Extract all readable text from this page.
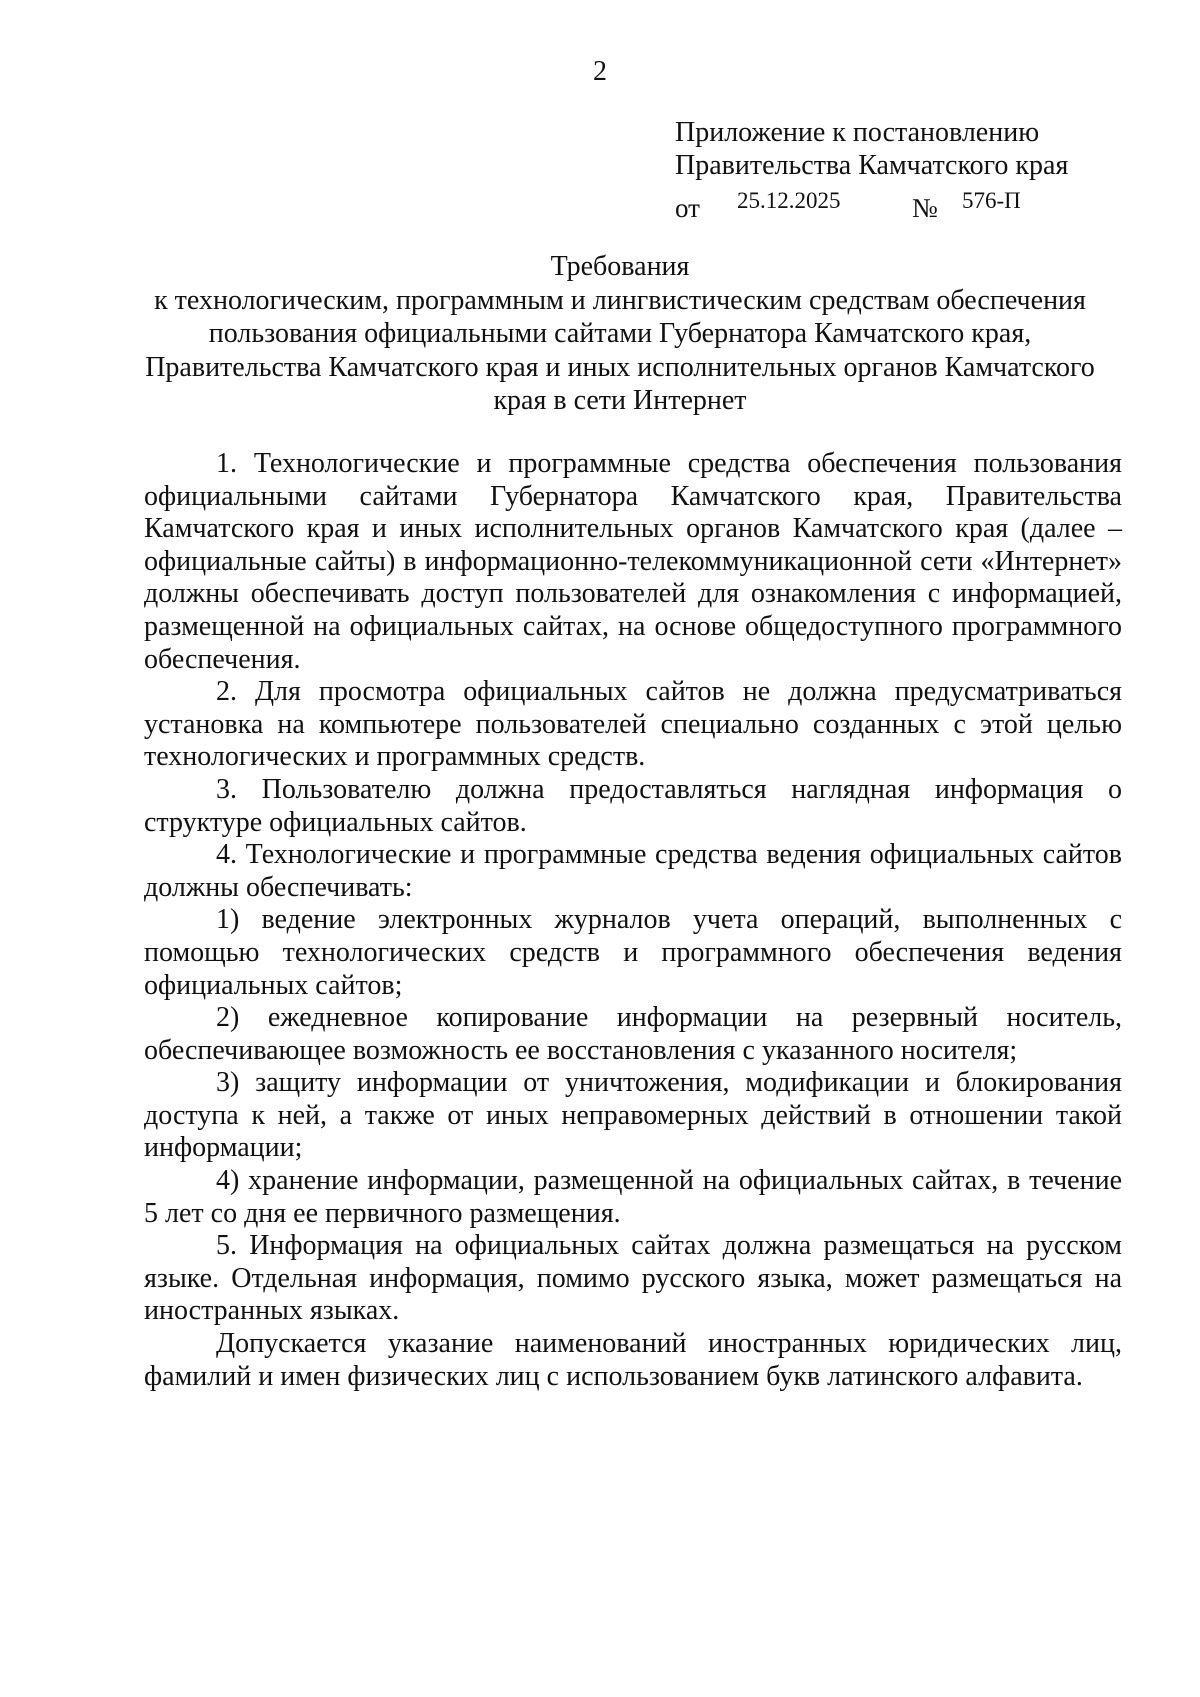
2
Приложение к постановлению
Правительства Камчатского края
от 25.12.2025	№ 576-П
Требования
к технологическим, программным и лингвистическим средствам обеспечения
пользования официальными сайтами Губернатора Камчатского края,
Правительства Камчатского края и иных исполнительных органов Камчатского
края в сети Интернет

1. Технологические и программные средства обеспечения пользования официальными сайтами Губернатора Камчатского края, Правительства Камчатского края и иных исполнительных органов Камчатского края (далее – официальные сайты) в информационно-телекоммуникационной сети «Интернет» должны обеспечивать доступ пользователей для ознакомления с информацией, размещенной на официальных сайтах, на основе общедоступного программного обеспечения.

2. Для просмотра официальных сайтов не должна предусматриваться установка на компьютере пользователей специально созданных с этой целью технологических и программных средств.

3. Пользователю должна предоставляться наглядная информация о структуре официальных сайтов.

4. Технологические и программные средства ведения официальных сайтов должны обеспечивать:

1) ведение электронных журналов учета операций, выполненных с помощью технологических средств и программного обеспечения ведения официальных сайтов;

2) ежедневное копирование информации на резервный носитель, обеспечивающее возможность ее восстановления с указанного носителя;

3) защиту информации от уничтожения, модификации и блокирования доступа к ней, а также от иных неправомерных действий в отношении такой информации;

4) хранение информации, размещенной на официальных сайтах, в течение 5 лет со дня ее первичного размещения.

5. Информация на официальных сайтах должна размещаться на русском языке. Отдельная информация, помимо русского языка, может размещаться на иностранных языках.

Допускается указание наименований иностранных юридических лиц, фамилий и имен физических лиц с использованием букв латинского алфавита.
